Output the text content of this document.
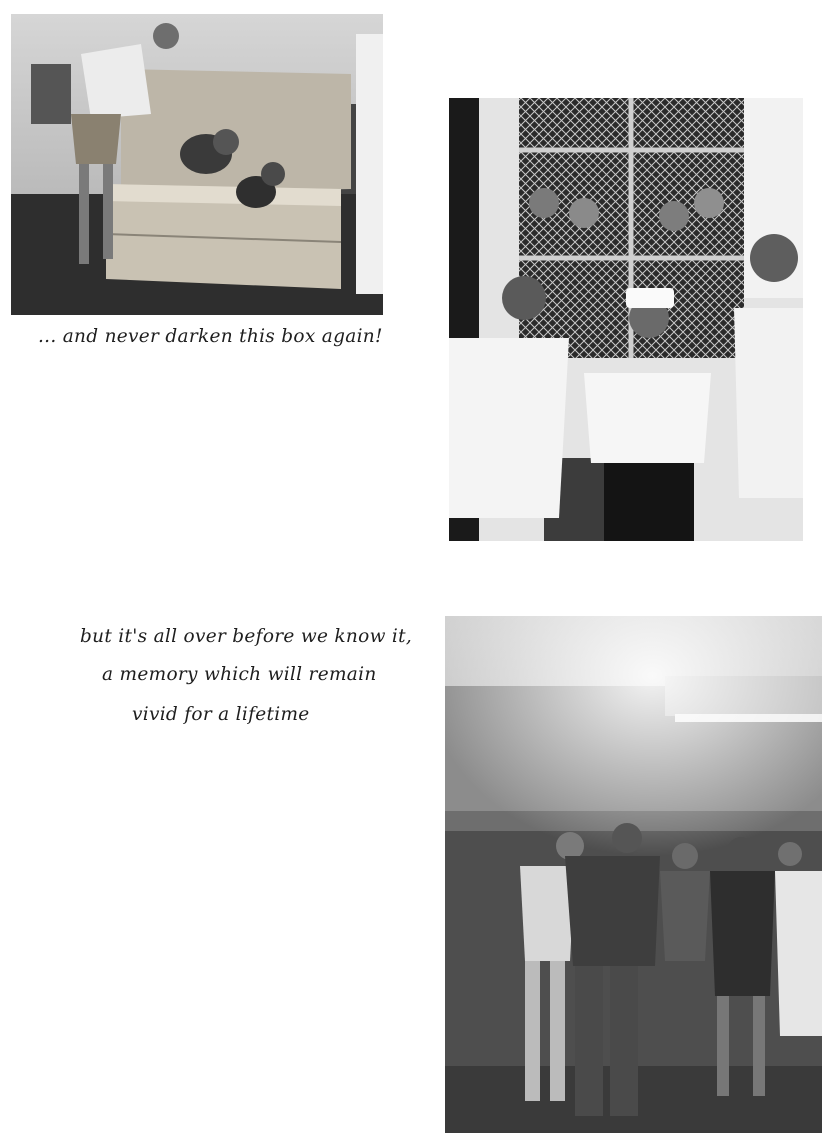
... and never darken this box again!
but it's all over before we know it,
a memory which will remain
vivid for a lifetime
